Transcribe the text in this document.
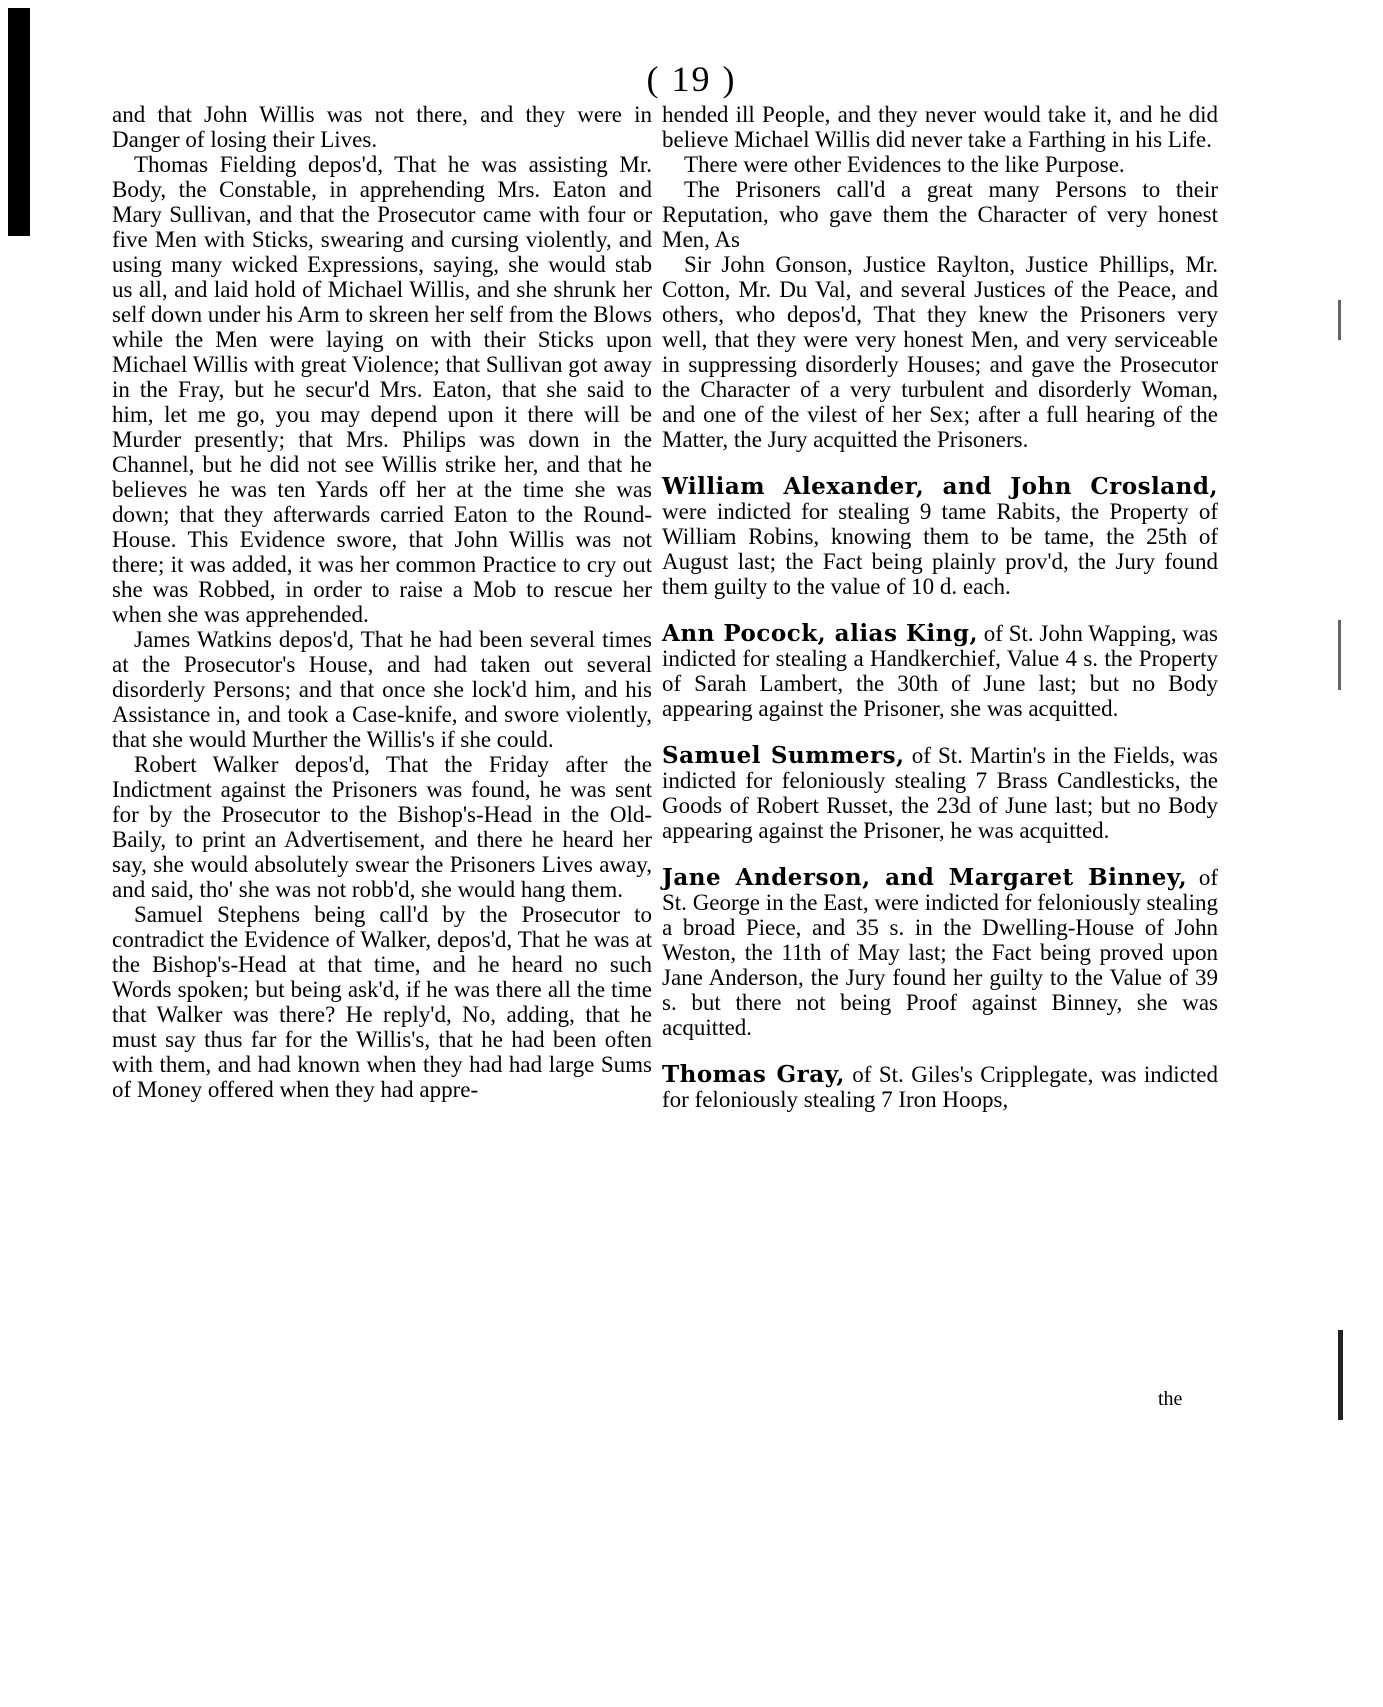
( 19 )

and that John Willis was not there, and they were in Danger of losing their Lives.

Thomas Fielding depos'd, That he was assisting Mr. Body, the Constable, in apprehending Mrs. Eaton and Mary Sullivan, and that the Prosecutor came with four or five Men with Sticks, swearing and cursing violently, and using many wicked Expressions, saying, she would stab us all, and laid hold of Michael Willis, and she shrunk her self down under his Arm to skreen her self from the Blows while the Men were laying on with their Sticks upon Michael Willis with great Violence; that Sullivan got away in the Fray, but he secur'd Mrs. Eaton, that she said to him, let me go, you may depend upon it there will be Murder presently; that Mrs. Philips was down in the Channel, but he did not see Willis strike her, and that he believes he was ten Yards off her at the time she was down; that they afterwards carried Eaton to the Round-House. This Evidence swore, that John Willis was not there; it was added, it was her common Practice to cry out she was Robbed, in order to raise a Mob to rescue her when she was apprehended.

James Watkins depos'd, That he had been several times at the Prosecutor's House, and had taken out several disorderly Persons; and that once she lock'd him, and his Assistance in, and took a Case-knife, and swore violently, that she would Murther the Willis's if she could.

Robert Walker depos'd, That the Friday after the Indictment against the Prisoners was found, he was sent for by the Prosecutor to the Bishop's-Head in the Old-Baily, to print an Advertisement, and there he heard her say, she would absolutely swear the Prisoners Lives away, and said, tho' she was not robb'd, she would hang them.

Samuel Stephens being call'd by the Prosecutor to contradict the Evidence of Walker, depos'd, That he was at the Bishop's-Head at that time, and he heard no such Words spoken; but being ask'd, if he was there all the time that Walker was there? He reply'd, No, adding, that he must say thus far for the Willis's, that he had been often with them, and had known when they had had large Sums of Money offered when they had appre-

hended ill People, and they never would take it, and he did believe Michael Willis did never take a Farthing in his Life.

There were other Evidences to the like Purpose.

The Prisoners call'd a great many Persons to their Reputation, who gave them the Character of very honest Men, As

Sir John Gonson, Justice Raylton, Justice Phillips, Mr. Cotton, Mr. Du Val, and several Justices of the Peace, and others, who depos'd, That they knew the Prisoners very well, that they were very honest Men, and very serviceable in suppressing disorderly Houses; and gave the Prosecutor the Character of a very turbulent and disorderly Woman, and one of the vilest of her Sex; after a full hearing of the Matter, the Jury acquitted the Prisoners.

William Alexander, and John Crosland, were indicted for stealing 9 tame Rabits, the Property of William Robins, knowing them to be tame, the 25th of August last; the Fact being plainly prov'd, the Jury found them guilty to the value of 10 d. each.

Ann Pocock, alias King, of St. John Wapping, was indicted for stealing a Handkerchief, Value 4 s. the Property of Sarah Lambert, the 30th of June last; but no Body appearing against the Prisoner, she was acquitted.

Samuel Summers, of St. Martin's in the Fields, was indicted for feloniously stealing 7 Brass Candlesticks, the Goods of Robert Russet, the 23d of June last; but no Body appearing against the Prisoner, he was acquitted.

Jane Anderson, and Margaret Binney, of St. George in the East, were indicted for feloniously stealing a broad Piece, and 35 s. in the Dwelling-House of John Weston, the 11th of May last; the Fact being proved upon Jane Anderson, the Jury found her guilty to the Value of 39 s. but there not being Proof against Binney, she was acquitted.

Thomas Gray, of St. Giles's Cripplegate, was indicted for feloniously stealing 7 Iron Hoops,

the
